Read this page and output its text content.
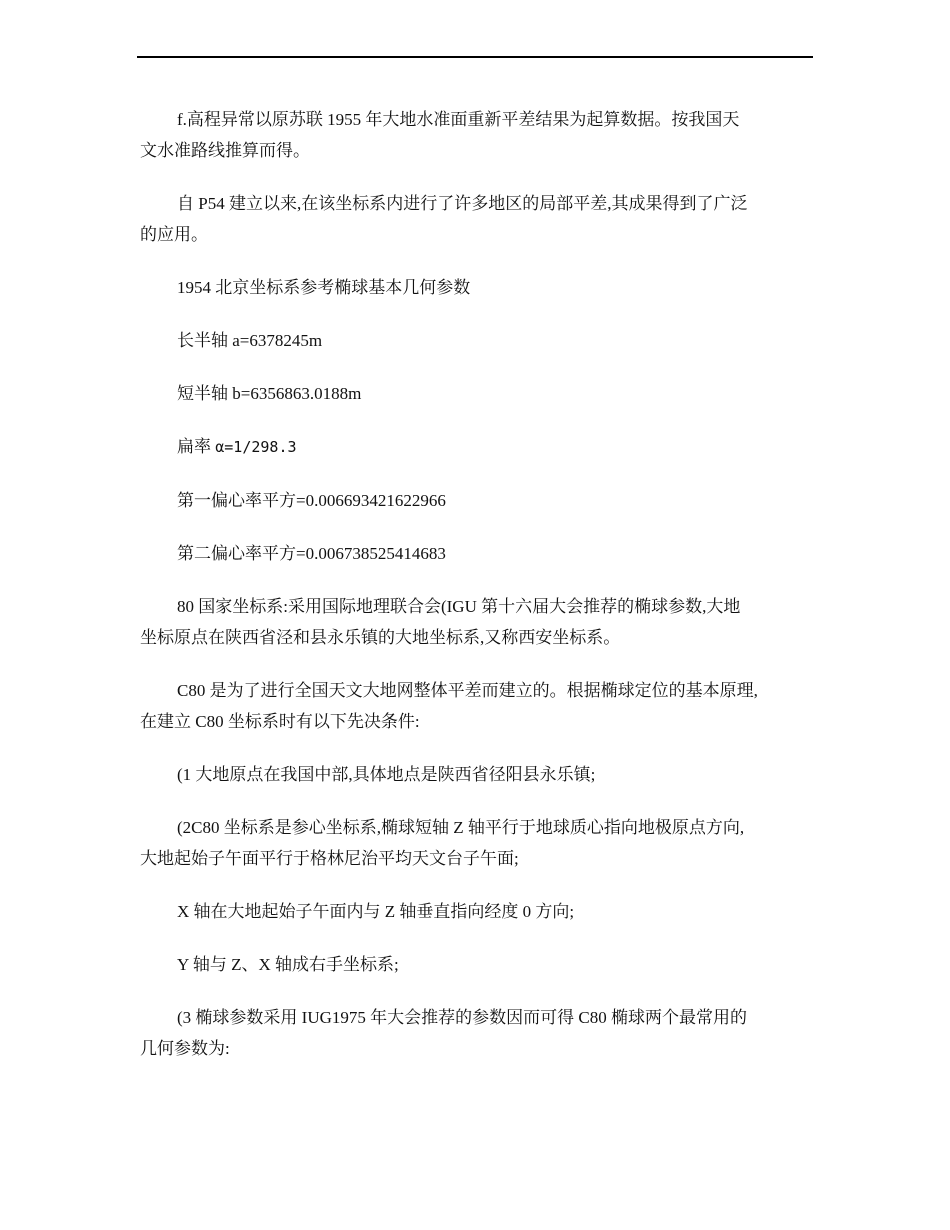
f.高程异常以原苏联 1955 年大地水准面重新平差结果为起算数据。按我国天
文水准路线推算而得。

自 P54 建立以来,在该坐标系内进行了许多地区的局部平差,其成果得到了广泛
的应用。

1954 北京坐标系参考椭球基本几何参数

长半轴 a=6378245m

短半轴 b=6356863.0188m

扁率 α=1/298.3

第一偏心率平方=0.006693421622966

第二偏心率平方=0.006738525414683

80 国家坐标系:采用国际地理联合会(IGU 第十六届大会推荐的椭球参数,大地
坐标原点在陕西省泾和县永乐镇的大地坐标系,又称西安坐标系。

C80 是为了进行全国天文大地网整体平差而建立的。根据椭球定位的基本原理,
在建立 C80 坐标系时有以下先决条件:

(1 大地原点在我国中部,具体地点是陕西省径阳县永乐镇;

(2C80 坐标系是参心坐标系,椭球短轴 Z 轴平行于地球质心指向地极原点方向,
大地起始子午面平行于格林尼治平均天文台子午面;

X 轴在大地起始子午面内与 Z 轴垂直指向经度 0 方向;

Y 轴与 Z、X 轴成右手坐标系;

(3 椭球参数采用 IUG1975 年大会推荐的参数因而可得 C80 椭球两个最常用的
几何参数为:
